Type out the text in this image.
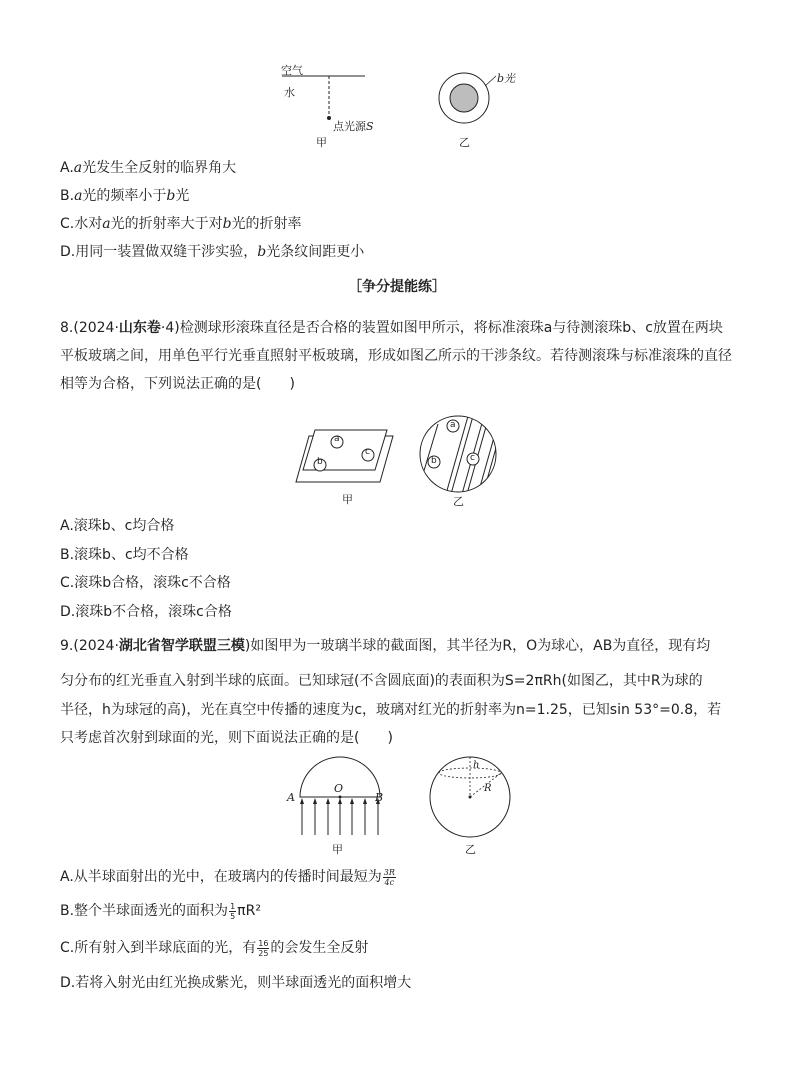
空气
水
点光源S
甲
b光
乙
A.a光发生全反射的临界角大
B.a光的频率小于b光
C.水对a光的折射率大于对b光的折射率
D.用同一装置做双缝干涉实验，b光条纹间距更小
［争分提能练］
8.(2024·山东卷·4)检测球形滚珠直径是否合格的装置如图甲所示，将标准滚珠a与待测滚珠b、c放置在两块平板玻璃之间，用单色平行光垂直照射平板玻璃，形成如图乙所示的干涉条纹。若待测滚珠与标准滚珠的直径相等为合格，下列说法正确的是(　　)
a
b
c
甲
a
b	c
乙
A.滚珠b、c均合格
B.滚珠b、c均不合格
C.滚珠b合格，滚珠c不合格
D.滚珠b不合格，滚珠c合格
9.(2024·湖北省智学联盟三模)如图甲为一玻璃半球的截面图，其半径为R，O为球心，AB为直径，现有均
匀分布的红光垂直入射到半球的底面。已知球冠(不含圆底面)的表面积为S=2πRh(如图乙，其中R为球的
半径，h为球冠的高)，光在真空中传播的速度为c，玻璃对红光的折射率为n=1.25，已知sin 53°=0.8，若
只考虑首次射到球面的光，则下面说法正确的是(　　)
A	B
O
甲
h
R
乙
A.从半球面射出的光中，在玻璃内的传播时间最短为 $\frac{3R}{4c}$
B.整个半球面透光的面积为 $\frac{1}{5} \pi R^2$
C.所有射入到半球底面的光，有 $\frac{16}{25}$ 的会发生全反射
D.若将入射光由红光换成紫光，则半球面透光的面积增大
